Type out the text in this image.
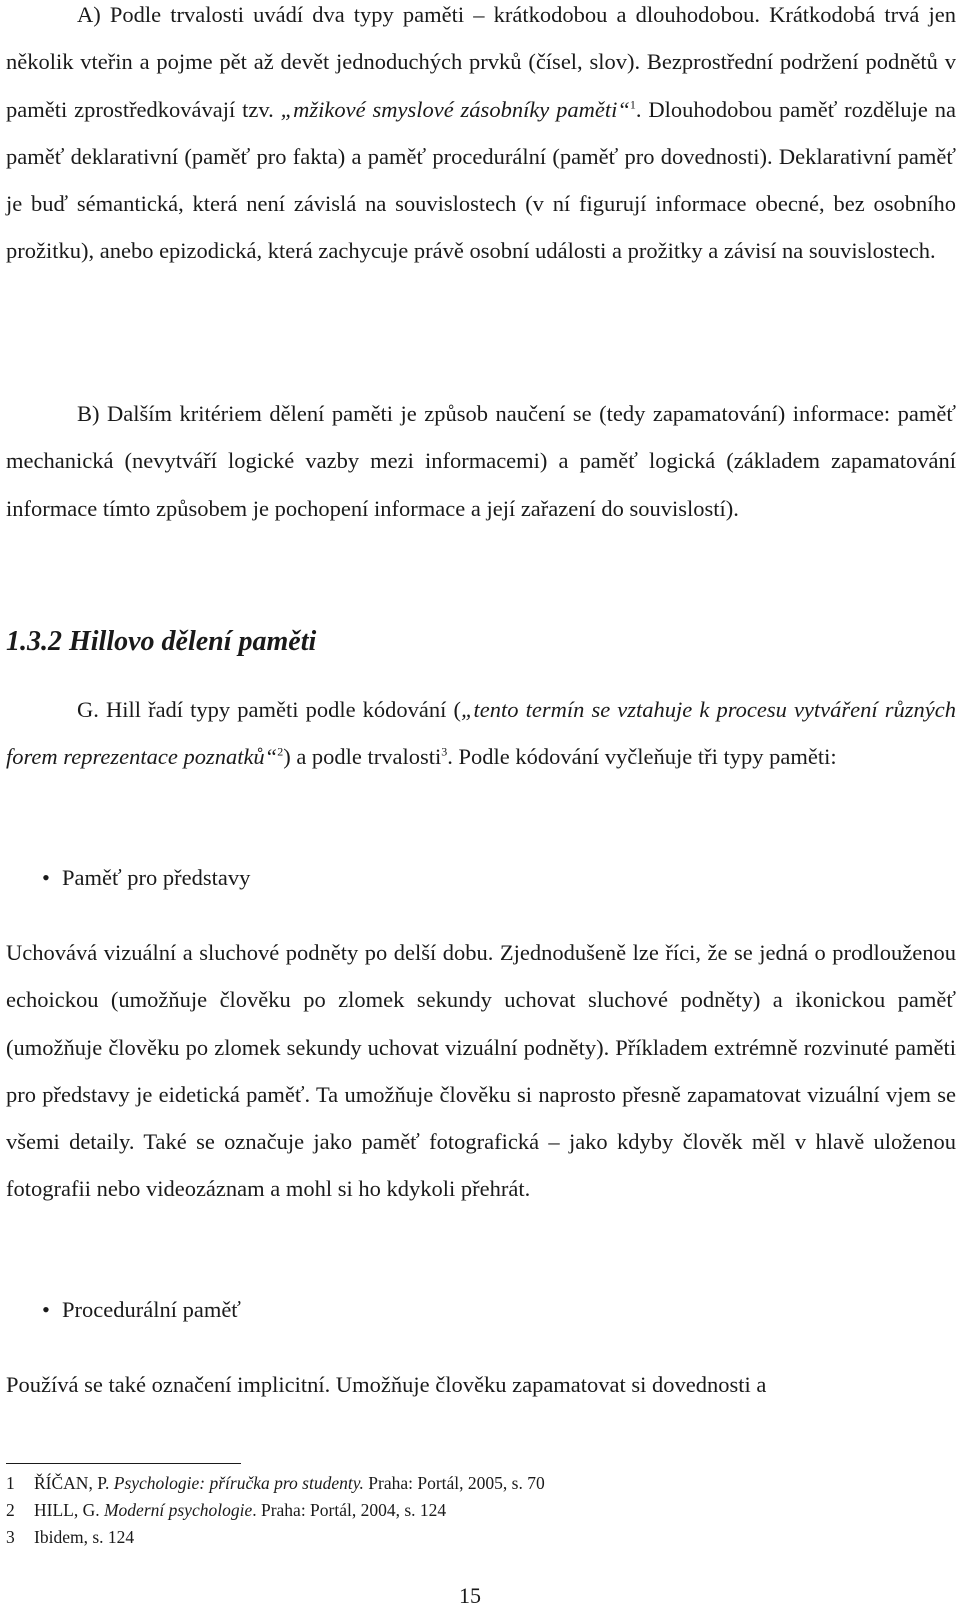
A) Podle trvalosti uvádí dva typy paměti – krátkodobou a dlouhodobou. Krátkodobá trvá jen několik vteřin a pojme pět až devět jednoduchých prvků (čísel, slov). Bezprostřední podržení podnětů v paměti zprostředkovávají tzv. „mžikové smyslové zásobníky paměti“$^1$. Dlouhodobou paměť rozděluje na paměť deklarativní (paměť pro fakta) a paměť procedurální (paměť pro dovednosti). Deklarativní paměť je buď sémantická, která není závislá na souvislostech (v ní figurují informace obecné, bez osobního prožitku), anebo epizodická, která zachycuje právě osobní události a prožitky a závisí na souvislostech.

B) Dalším kritériem dělení paměti je způsob naučení se (tedy zapamatování) informace: paměť mechanická (nevytváří logické vazby mezi informacemi) a paměť logická (základem zapamatování informace tímto způsobem je pochopení informace a její zařazení do souvislostí).

1.3.2 Hillovo dělení paměti

G. Hill řadí typy paměti podle kódování („tento termín se vztahuje k procesu vytváření různých forem reprezentace poznatků“$^2$) a podle trvalosti$^3$. Podle kódování vyčleňuje tři typy paměti:

• Paměť pro představy

Uchovává vizuální a sluchové podněty po delší dobu. Zjednodušeně lze říci, že se jedná o prodlouženou echoickou (umožňuje člověku po zlomek sekundy uchovat sluchové podněty) a ikonickou paměť (umožňuje člověku po zlomek sekundy uchovat vizuální podněty). Příkladem extrémně rozvinuté paměti pro představy je eidetická paměť. Ta umožňuje člověku si naprosto přesně zapamatovat vizuální vjem se všemi detaily. Také se označuje jako paměť fotografická – jako kdyby člověk měl v hlavě uloženou fotografii nebo videozáznam a mohl si ho kdykoli přehrát.

• Procedurální paměť

Používá se také označení implicitní. Umožňuje člověku zapamatovat si dovednosti a

1 ŘÍČAN, P. Psychologie: příručka pro studenty. Praha: Portál, 2005, s. 70
2 HILL, G. Moderní psychologie. Praha: Portál, 2004, s. 124
3 Ibidem, s. 124
15
